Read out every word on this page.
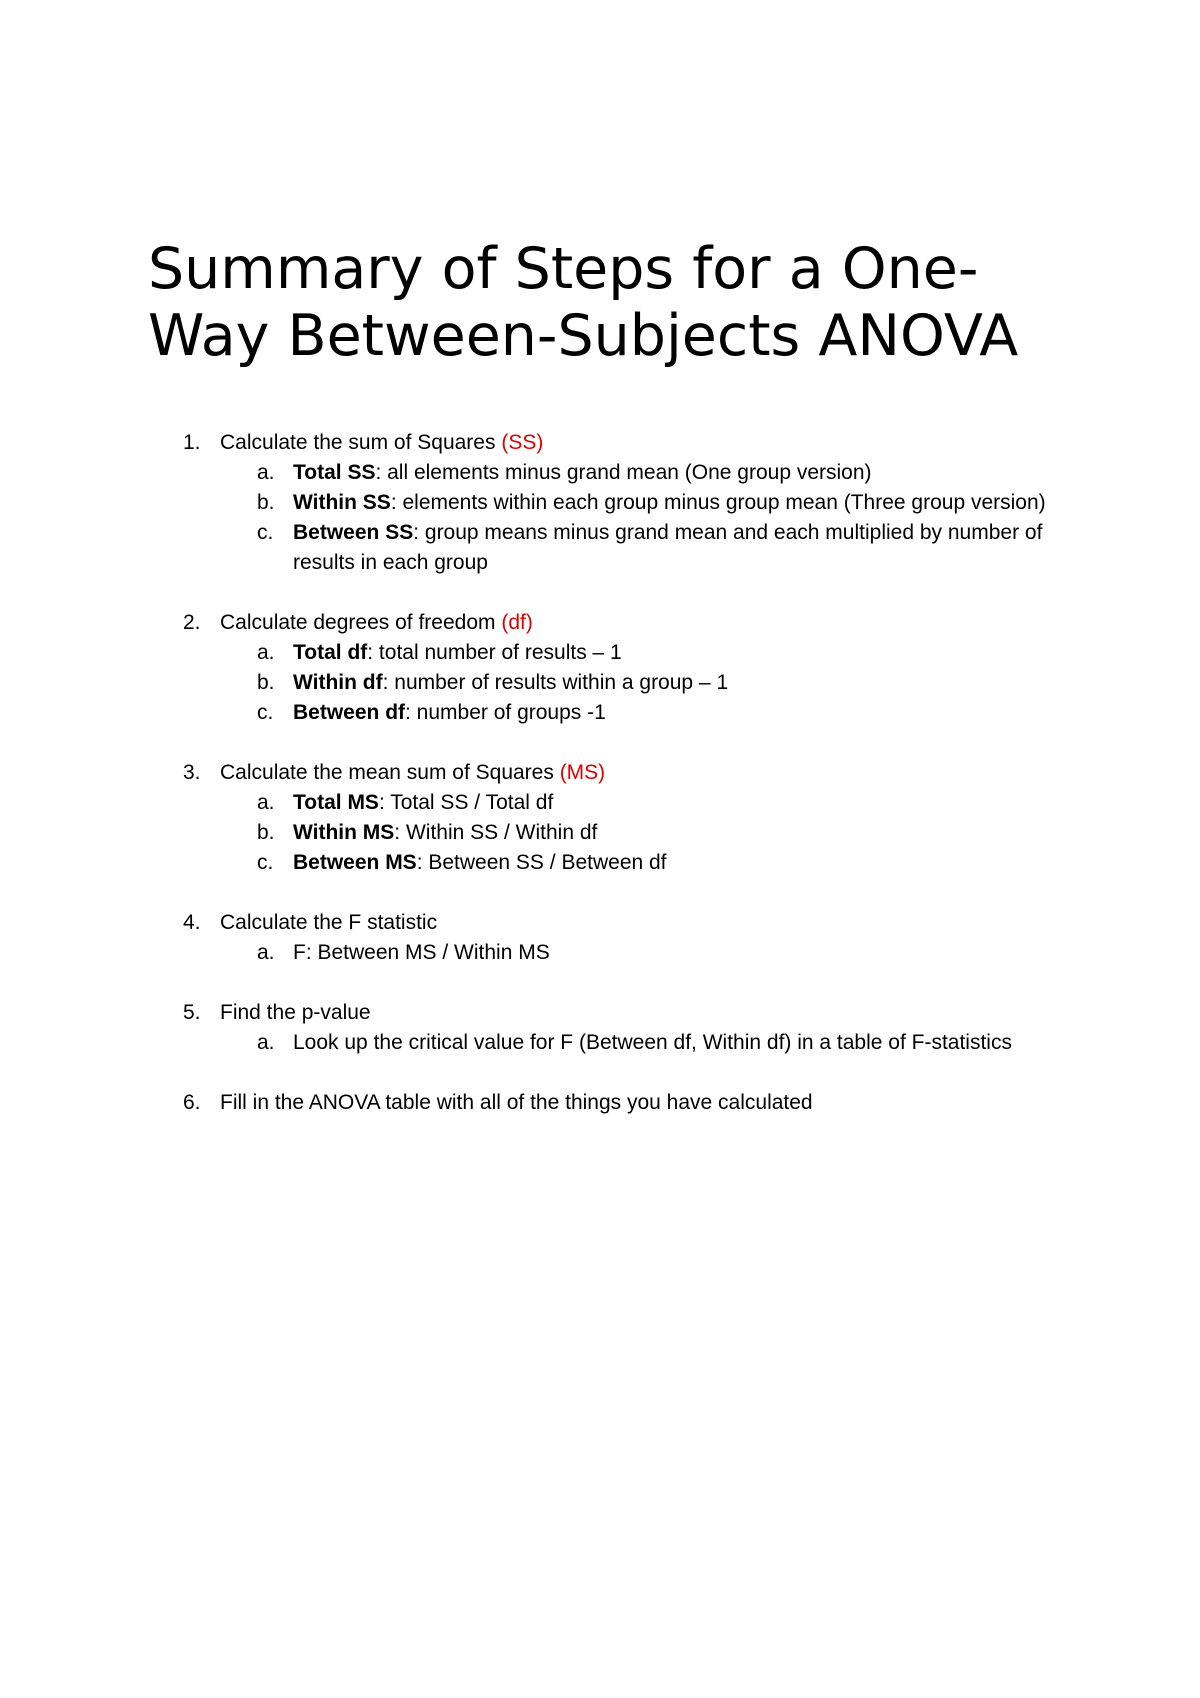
Summary of Steps for a One-
Way Between-Subjects ANOVA
1. Calculate the sum of Squares (SS)
a. Total SS: all elements minus grand mean (One group version)
b. Within SS: elements within each group minus group mean (Three group version)
c. Between SS: group means minus grand mean and each multiplied by number of results in each group
2. Calculate degrees of freedom (df)
a. Total df: total number of results – 1
b. Within df: number of results within a group – 1
c. Between df: number of groups -1
3. Calculate the mean sum of Squares (MS)
a. Total MS: Total SS / Total df
b. Within MS: Within SS / Within df
c. Between MS: Between SS / Between df
4. Calculate the F statistic
a. F: Between MS / Within MS
5. Find the p-value
a. Look up the critical value for F (Between df, Within df) in a table of F-statistics
6. Fill in the ANOVA table with all of the things you have calculated
